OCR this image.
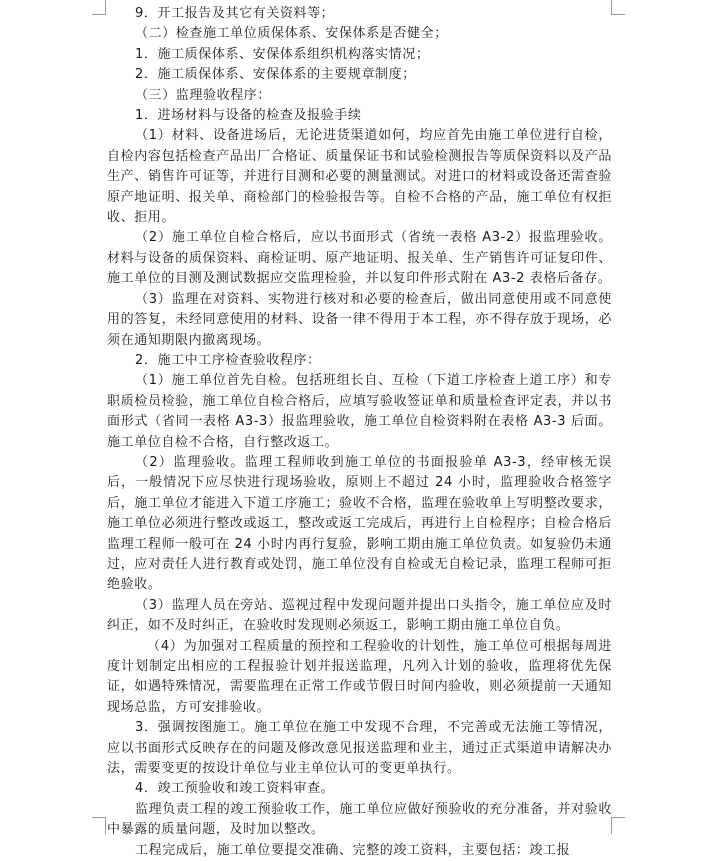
9．开工报告及其它有关资料等；

（二）检查施工单位质保体系、安保体系是否健全；

1．施工质保体系、安保体系组织机构落实情况；

2．施工质保体系、安保体系的主要规章制度；

（三）监理验收程序：

1．进场材料与设备的检查及报验手续

（1）材料、设备进场后，无论进货渠道如何，均应首先由施工单位进行自检，自检内容包括检查产品出厂合格证、质量保证书和试验检测报告等质保资料以及产品生产、销售许可证等，并进行目测和必要的测量测试。对进口的材料或设备还需查验原产地证明、报关单、商检部门的检验报告等。自检不合格的产品，施工单位有权拒收、拒用。

（2）施工单位自检合格后，应以书面形式（省统一表格 A3-2）报监理验收。材料与设备的质保资料、商检证明、原产地证明、报关单、生产销售许可证复印件、施工单位的目测及测试数据应交监理检验，并以复印件形式附在 A3-2 表格后备存。

（3）监理在对资料、实物进行核对和必要的检查后，做出同意使用或不同意使用的答复，未经同意使用的材料、设备一律不得用于本工程，亦不得存放于现场，必须在通知期限内撤离现场。

2．施工中工序检查验收程序：

（1）施工单位首先自检。包括班组长自、互检（下道工序检查上道工序）和专职质检员检验，施工单位自检合格后，应填写验收签证单和质量检查评定表，并以书面形式（省同一表格 A3-3）报监理验收，施工单位自检资料附在表格 A3-3 后面。施工单位自检不合格，自行整改返工。

（2）监理验收。监理工程师收到施工单位的书面报验单 A3-3，经审核无误后，一般情况下应尽快进行现场验收，原则上不超过 24 小时，监理验收合格签字后，施工单位才能进入下道工序施工；验收不合格，监理在验收单上写明整改要求，施工单位必须进行整改或返工，整改或返工完成后，再进行上自检程序；自检合格后监理工程师一般可在 24 小时内再行复验，影响工期由施工单位负责。如复验仍未通过，应对责任人进行教育或处罚，施工单位没有自检或无自检记录，监理工程师可拒绝验收。

（3）监理人员在旁站、巡视过程中发现问题并提出口头指令，施工单位应及时纠正，如不及时纠正，在验收时发现则必须返工，影响工期由施工单位自负。

（4）为加强对工程质量的预控和工程验收的计划性，施工单位可根据每周进度计划制定出相应的工程报验计划并报送监理，凡列入计划的验收，监理将优先保证，如遇特殊情况，需要监理在正常工作或节假日时间内验收，则必须提前一天通知现场总监，方可安排验收。

3．强调按图施工。施工单位在施工中发现不合理，不完善或无法施工等情况，应以书面形式反映存在的问题及修改意见报送监理和业主，通过正式渠道申请解决办法，需要变更的按设计单位与业主单位认可的变更单执行。

4．竣工预验收和竣工资料审查。

监理负责工程的竣工预验收工作，施工单位应做好预验收的充分准备，并对验收中暴露的质量问题，及时加以整改。

工程完成后，施工单位要提交准确、完整的竣工资料，主要包括：竣工报
